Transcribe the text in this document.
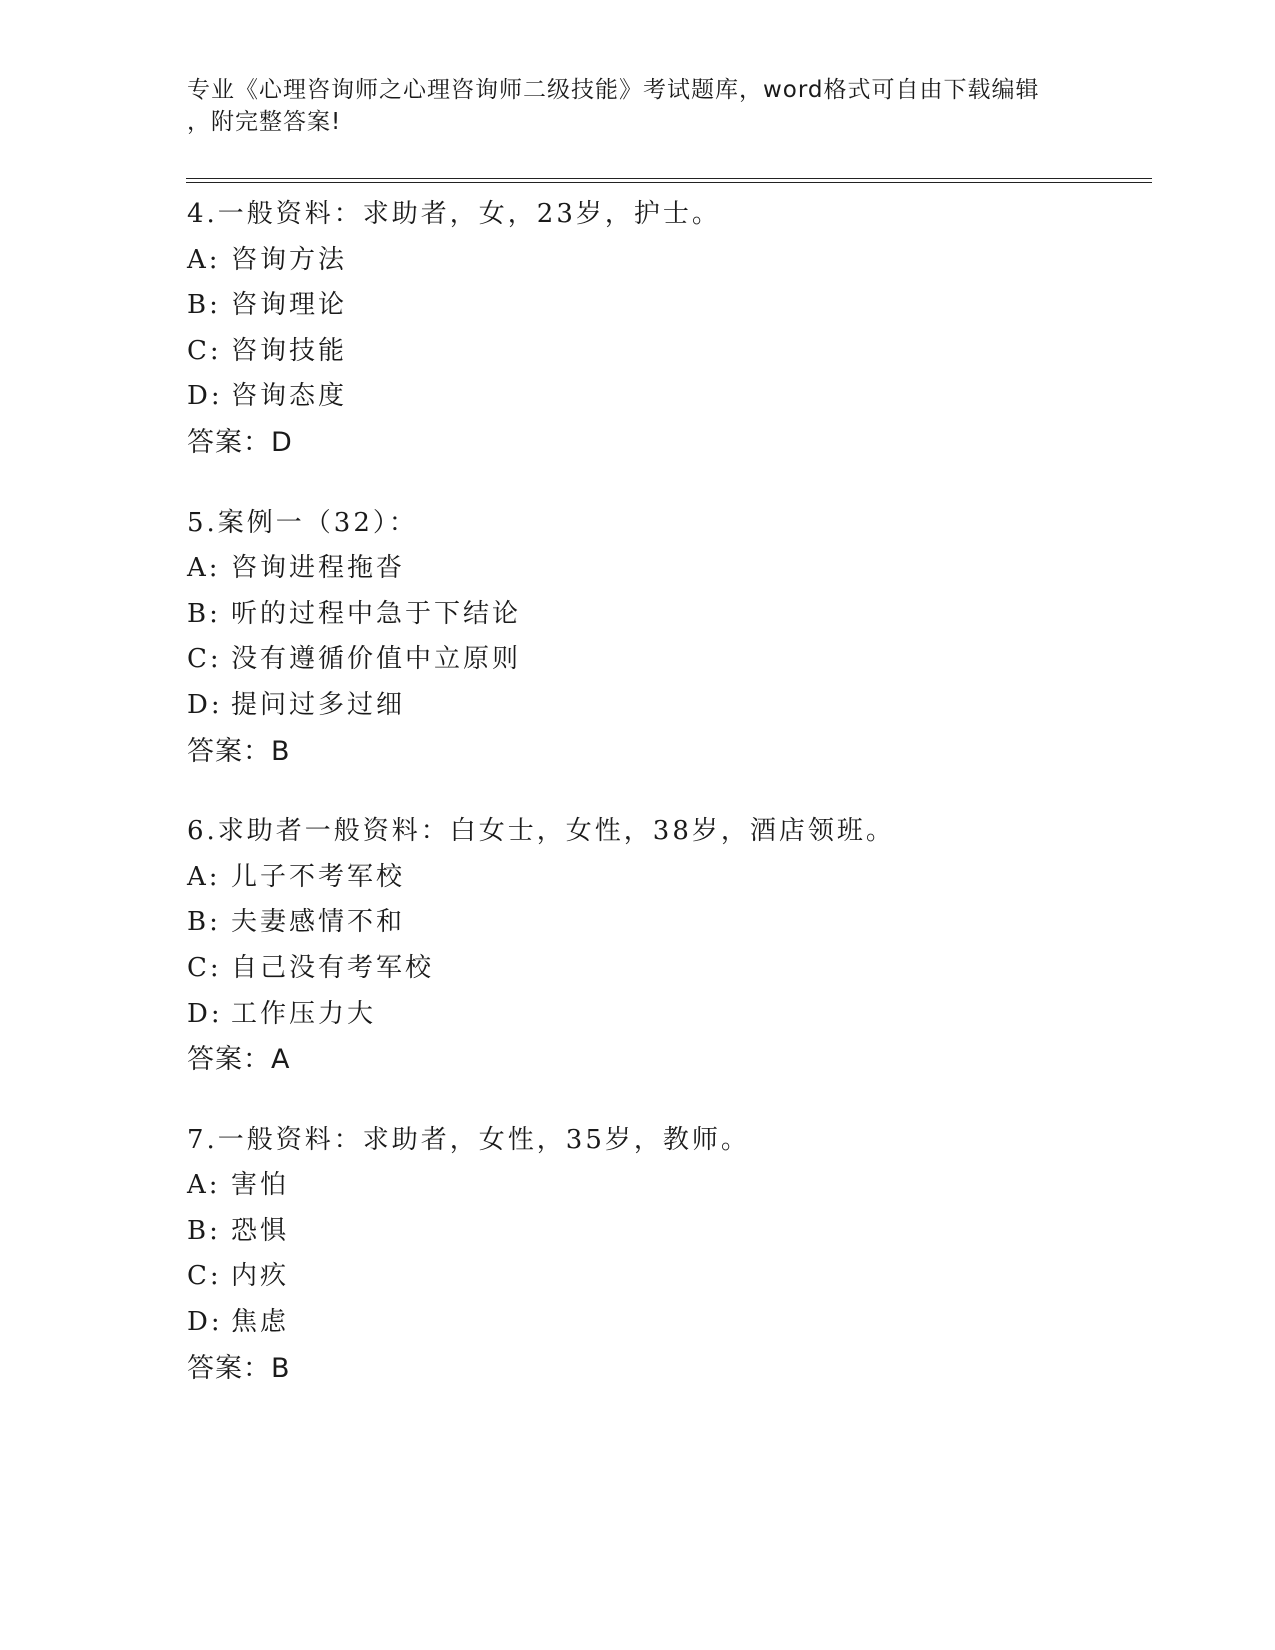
专业《心理咨询师之心理咨询师二级技能》考试题库，word格式可自由下载编辑
，附完整答案!
4.一般资料：求助者，女，23岁，护士。
A: 咨询方法
B: 咨询理论
C: 咨询技能
D: 咨询态度
答案：D
5.案例一（32）：
A: 咨询进程拖沓
B: 听的过程中急于下结论
C: 没有遵循价值中立原则
D: 提问过多过细
答案：B
6.求助者一般资料：白女士，女性，38岁，酒店领班。
A: 儿子不考军校
B: 夫妻感情不和
C: 自己没有考军校
D: 工作压力大
答案：A
7.一般资料：求助者，女性，35岁，教师。
A: 害怕
B: 恐惧
C: 内疚
D: 焦虑
答案：B
